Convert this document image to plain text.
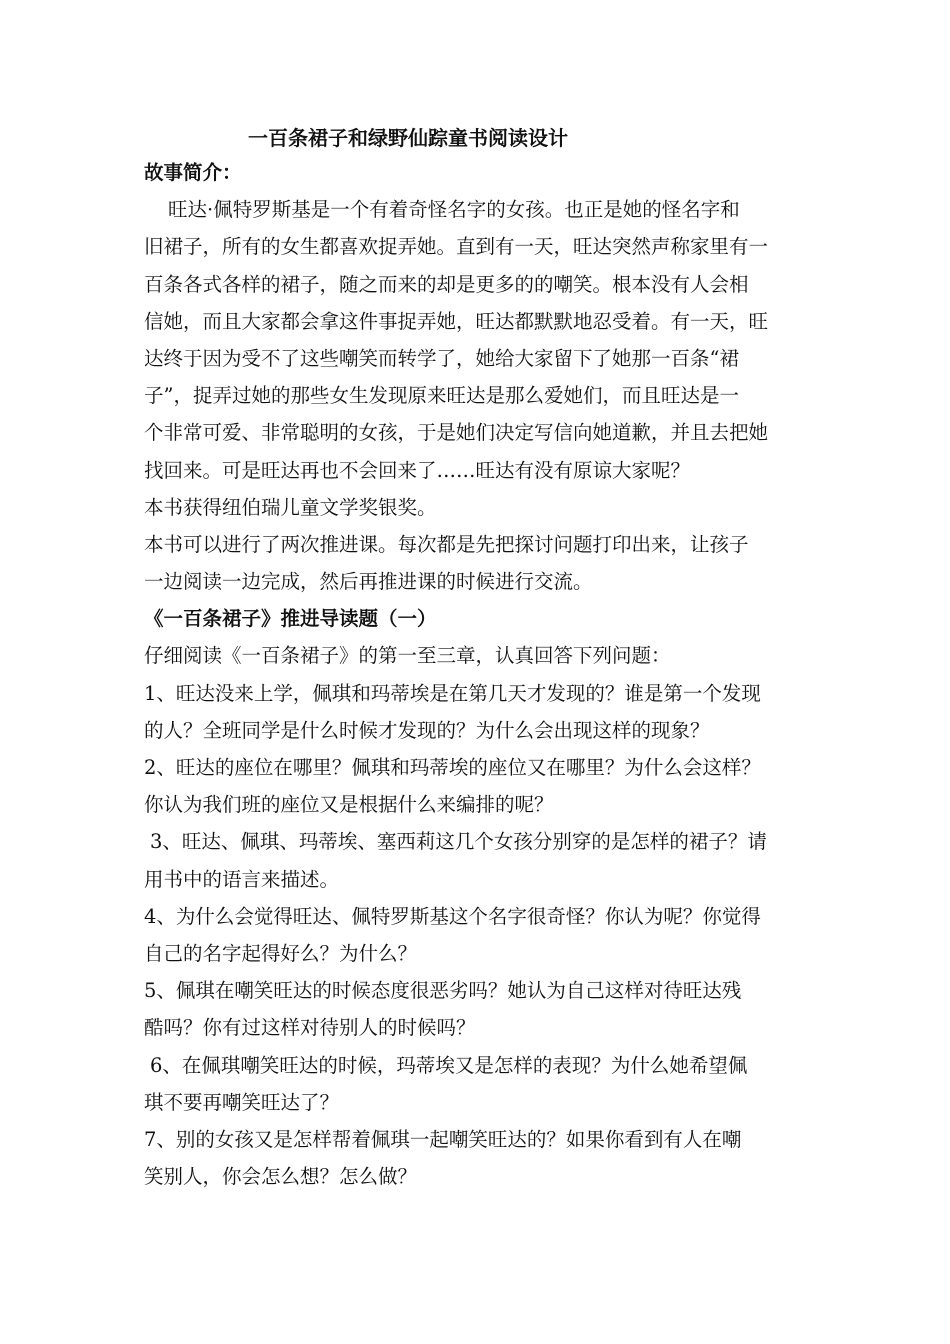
一百条裙子和绿野仙踪童书阅读设计
故事简介：
旺达·佩特罗斯基是一个有着奇怪名字的女孩。也正是她的怪名字和
旧裙子，所有的女生都喜欢捉弄她。直到有一天，旺达突然声称家里有一
百条各式各样的裙子，随之而来的却是更多的的嘲笑。根本没有人会相
信她，而且大家都会拿这件事捉弄她，旺达都默默地忍受着。有一天，旺
达终于因为受不了这些嘲笑而转学了，她给大家留下了她那一百条“裙
子”，捉弄过她的那些女生发现原来旺达是那么爱她们，而且旺达是一
个非常可爱、非常聪明的女孩，于是她们决定写信向她道歉，并且去把她
找回来。可是旺达再也不会回来了……旺达有没有原谅大家呢？
本书获得纽伯瑞儿童文学奖银奖。
本书可以进行了两次推进课。每次都是先把探讨问题打印出来，让孩子
一边阅读一边完成，然后再推进课的时候进行交流。
《一百条裙子》推进导读题（一）
仔细阅读《一百条裙子》的第一至三章，认真回答下列问题：
1、旺达没来上学，佩琪和玛蒂埃是在第几天才发现的？谁是第一个发现
的人？全班同学是什么时候才发现的？为什么会出现这样的现象？
2、旺达的座位在哪里？佩琪和玛蒂埃的座位又在哪里？为什么会这样？
你认为我们班的座位又是根据什么来编排的呢？
3、旺达、佩琪、玛蒂埃、塞西莉这几个女孩分别穿的是怎样的裙子？请
用书中的语言来描述。
4、为什么会觉得旺达、佩特罗斯基这个名字很奇怪？你认为呢？你觉得
自己的名字起得好么？为什么？
5、佩琪在嘲笑旺达的时候态度很恶劣吗？她认为自己这样对待旺达残
酷吗？你有过这样对待别人的时候吗？
6、在佩琪嘲笑旺达的时候，玛蒂埃又是怎样的表现？为什么她希望佩
琪不要再嘲笑旺达了？
7、别的女孩又是怎样帮着佩琪一起嘲笑旺达的？如果你看到有人在嘲
笑别人，你会怎么想？怎么做？
